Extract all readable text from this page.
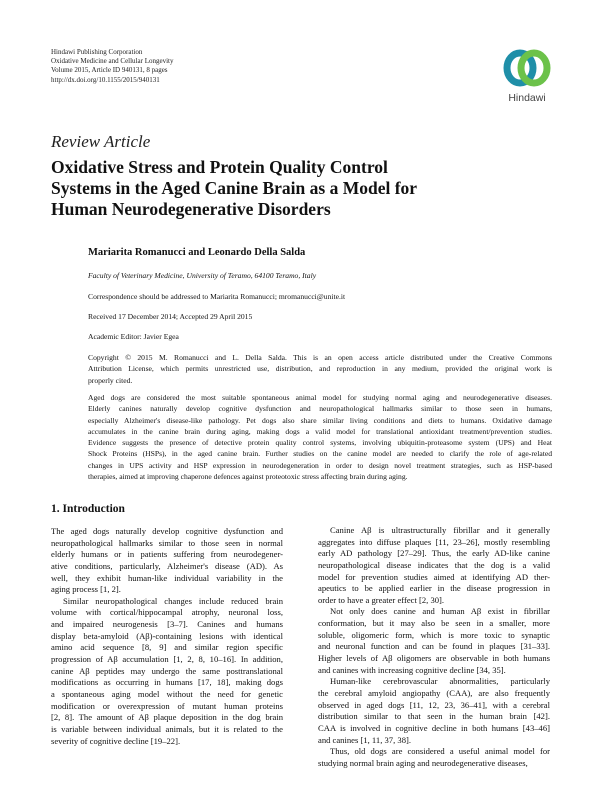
Hindawi Publishing Corporation
Oxidative Medicine and Cellular Longevity
Volume 2015, Article ID 940131, 8 pages
http://dx.doi.org/10.1155/2015/940131
Hindawi
Review Article
Oxidative Stress and Protein Quality Control
Systems in the Aged Canine Brain as a Model for
Human Neurodegenerative Disorders
Mariarita Romanucci and Leonardo Della Salda
Faculty of Veterinary Medicine, University of Teramo, 64100 Teramo, Italy
Correspondence should be addressed to Mariarita Romanucci; mromanucci@unite.it
Received 17 December 2014; Accepted 29 April 2015
Academic Editor: Javier Egea
Copyright © 2015 M. Romanucci and L. Della Salda. This is an open access article distributed under the Creative Commons
Attribution License, which permits unrestricted use, distribution, and reproduction in any medium, provided the original work is
properly cited.
Aged dogs are considered the most suitable spontaneous animal model for studying normal aging and neurodegenerative diseases.
Elderly canines naturally develop cognitive dysfunction and neuropathological hallmarks similar to those seen in humans,
especially Alzheimer's disease-like pathology. Pet dogs also share similar living conditions and diets to humans. Oxidative damage
accumulates in the canine brain during aging, making dogs a valid model for translational antioxidant treatment/prevention studies.
Evidence suggests the presence of detective protein quality control systems, involving ubiquitin-proteasome system (UPS) and Heat
Shock Proteins (HSPs), in the aged canine brain. Further studies on the canine model are needed to clarify the role of age-related
changes in UPS activity and HSP expression in neurodegeneration in order to design novel treatment strategies, such as HSP-based
therapies, aimed at improving chaperone defences against proteotoxic stress affecting brain during aging.
1. Introduction
The aged dogs naturally develop cognitive dysfunction and
neuropathological hallmarks similar to those seen in normal
elderly humans or in patients suffering from neurodegener-
ative conditions, particularly, Alzheimer's disease (AD). As
well, they exhibit human-like individual variability in the
aging process [1, 2].
Similar neuropathological changes include reduced brain
volume with cortical/hippocampal atrophy, neuronal loss,
and impaired neurogenesis [3–7]. Canines and humans
display beta-amyloid (Aβ)-containing lesions with identical
amino acid sequence [8, 9] and similar region specific
progression of Aβ accumulation [1, 2, 8, 10–16]. In addition,
canine Aβ peptides may undergo the same posttranslational
modifications as occurring in humans [17, 18], making dogs
a spontaneous aging model without the need for genetic
modification or overexpression of mutant human proteins
[2, 8]. The amount of Aβ plaque deposition in the dog brain
is variable between individual animals, but it is related to the
severity of cognitive decline [19–22].
Canine Aβ is ultrastructurally fibrillar and it generally
aggregates into diffuse plaques [11, 23–26], mostly resembling
early AD pathology [27–29]. Thus, the early AD-like canine
neuropathological disease indicates that the dog is a valid
model for prevention studies aimed at identifying AD ther-
apeutics to be applied earlier in the disease progression in
order to have a greater effect [2, 30].
Not only does canine and human Aβ exist in fibrillar
conformation, but it may also be seen in a smaller, more
soluble, oligomeric form, which is more toxic to synaptic
and neuronal function and can be found in plaques [31–33].
Higher levels of Aβ oligomers are observable in both humans
and canines with increasing cognitive decline [34, 35].
Human-like cerebrovascular abnormalities, particularly
the cerebral amyloid angiopathy (CAA), are also frequently
observed in aged dogs [11, 12, 23, 36–41], with a cerebral
distribution similar to that seen in the human brain [42].
CAA is involved in cognitive decline in both humans [43–46]
and canines [1, 11, 37, 38].
Thus, old dogs are considered a useful animal model for
studying normal brain aging and neurodegenerative diseases,
